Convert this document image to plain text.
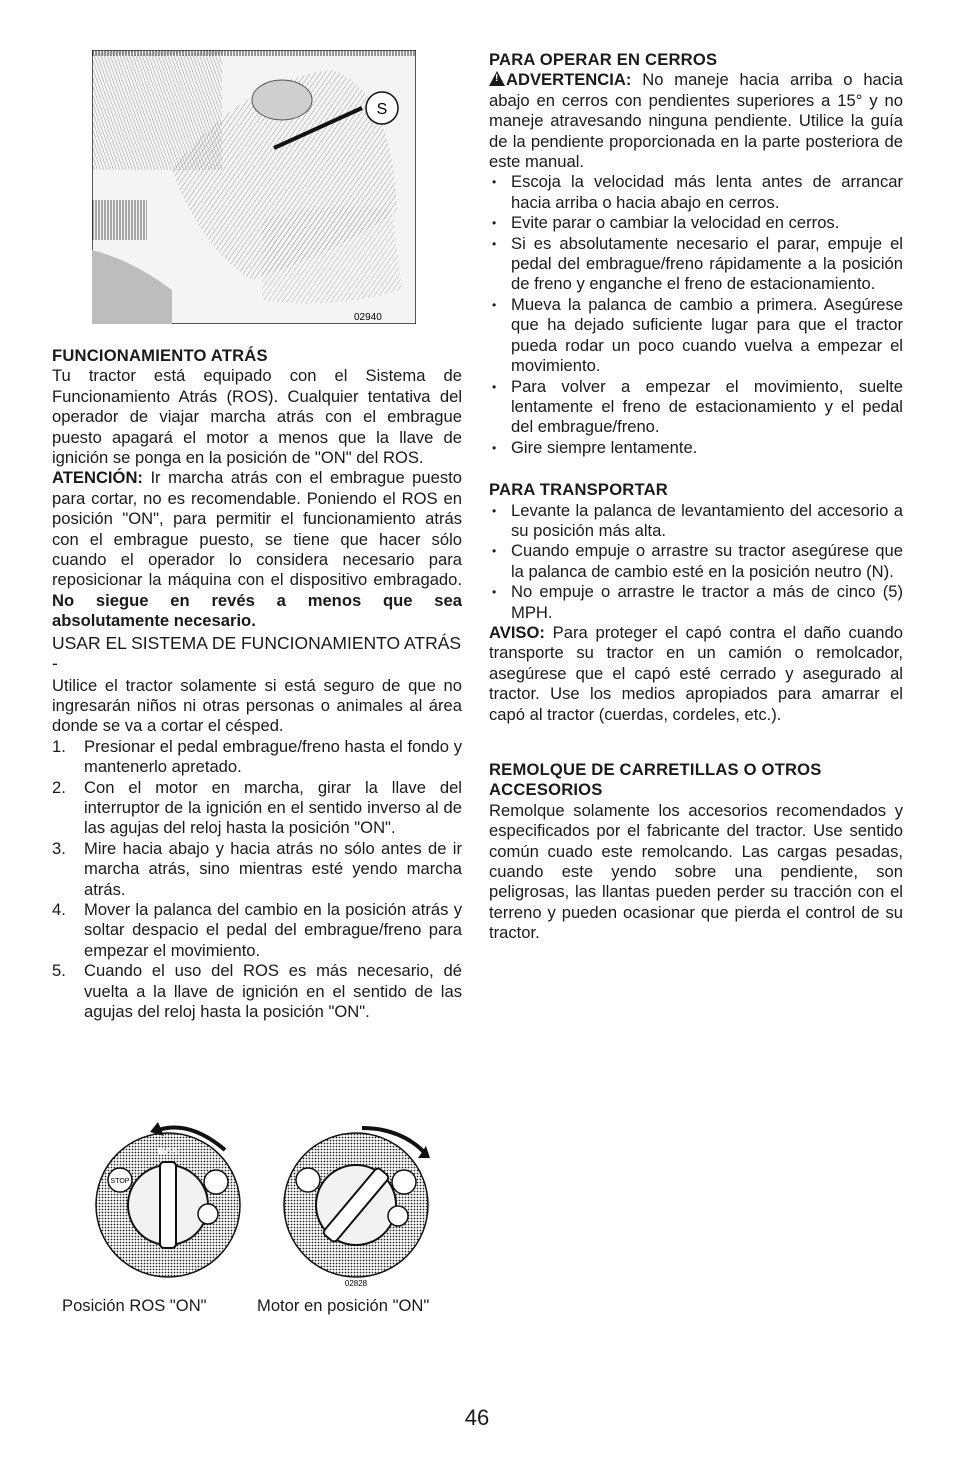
S
02940

FUNCIONAMIENTO ATRÁS

Tu tractor está equipado con el Sistema de Funcionamiento Atrás (ROS). Cualquier tentativa del operador de viajar marcha atrás con el embrague puesto apagará el motor a menos que la llave de ignición se ponga en la posición de "ON" del ROS.

ATENCIÓN: Ir marcha atrás con el embrague puesto para cortar, no es recomendable. Poniendo el ROS en posición "ON", para permitir el funcionamiento atrás con el embrague puesto, se tiene que hacer sólo cuando el operador lo considera necesario para reposicionar la máquina con el dispositivo embragado. No siegue en revés a menos que sea absolutamente necesario.

USAR EL SISTEMA DE FUNCIONAMIENTO ATRÁS -

Utilice el tractor solamente si está seguro de que no ingresarán niños ni otras personas o animales al área donde se va a cortar el césped.

1. Presionar el pedal embrague/freno hasta el fondo y mantenerlo apretado.
2. Con el motor en marcha, girar la llave del interruptor de la ignición en el sentido inverso al de las agujas del reloj hasta la posición "ON".
3. Mire hacia abajo y hacia atrás no sólo antes de ir marcha atrás, sino mientras esté yendo marcha atrás.
4. Mover la palanca del cambio en la posición atrás y soltar despacio el pedal del embrague/freno para empezar el movimiento.
5. Cuando el uso del ROS es más necesario, dé vuelta a la llave de ignición en el sentido de las agujas del reloj hasta la posición "ON".
STOP
ROS
02828
Posición ROS "ON"	Motor en posición "ON"

PARA OPERAR EN CERROS

!ADVERTENCIA: No maneje hacia arriba o hacia abajo en cerros con pendientes superiores a 15° y no maneje atravesando ninguna pendiente. Utilice la guía de la pendiente proporcionada en la parte posteriora de este manual.

• Escoja la velocidad más lenta antes de arrancar hacia arriba o hacia abajo en cerros.
• Evite parar o cambiar la velocidad en cerros.
• Si es absolutamente necesario el parar, empuje el pedal del embrague/freno rápidamente a la posición de freno y enganche el freno de estacionamiento.
• Mueva la palanca de cambio a primera. Asegúrese que ha dejado suficiente lugar para que el tractor pueda rodar un poco cuando vuelva a empezar el movimiento.
• Para volver a empezar el movimiento, suelte lentamente el freno de estacionamiento y el pedal del embrague/freno.
• Gire siempre lentamente.

PARA TRANSPORTAR

• Levante la palanca de levantamiento del accesorio a su posición más alta.
• Cuando empuje o arrastre su tractor asegúrese que la palanca de cambio esté en la posición neutro (N).
• No empuje o arrastre le tractor a más de cinco (5) MPH.

AVISO: Para proteger el capó contra el daño cuando transporte su tractor en un camión o remolcador, asegúrese que el capó esté cerrado y asegurado al tractor. Use los medios apropiados para amarrar el capó al tractor (cuerdas, cordeles, etc.).

REMOLQUE DE CARRETILLAS O OTROS ACCESORIOS

Remolque solamente los accesorios recomendados y especificados por el fabricante del tractor. Use sentido común cuado este remolcando. Las cargas pesadas, cuando este yendo sobre una pendiente, son peligrosas, las llantas pueden perder su tracción con el terreno y pueden ocasionar que pierda el control de su tractor.

46
